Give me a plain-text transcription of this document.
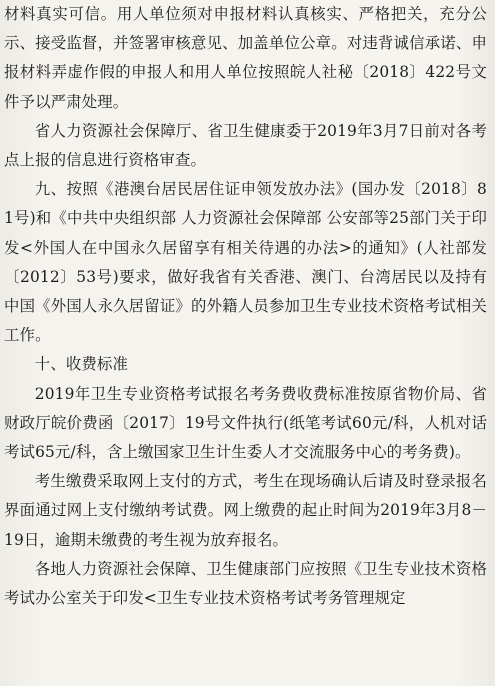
材料真实可信。用人单位须对申报材料认真核实、严格把关，充分公示、接受监督，并签署审核意见、加盖单位公章。对违背诚信承诺、申报材料弄虚作假的申报人和用人单位按照皖人社秘〔2018〕422号文件予以严肃处理。

省人力资源社会保障厅、省卫生健康委于2019年3月7日前对各考点上报的信息进行资格审查。

九、按照《港澳台居民居住证申领发放办法》(国办发〔2018〕81号)和《中共中央组织部 人力资源社会保障部 公安部等25部门关于印发<外国人在中国永久居留享有相关待遇的办法>的通知》(人社部发〔2012〕53号)要求，做好我省有关香港、澳门、台湾居民以及持有中国《外国人永久居留证》的外籍人员参加卫生专业技术资格考试相关工作。

十、收费标准

2019年卫生专业资格考试报名考务费收费标准按原省物价局、省财政厅皖价费函〔2017〕19号文件执行(纸笔考试60元/科，人机对话考试65元/科，含上缴国家卫生计生委人才交流服务中心的考务费)。

考生缴费采取网上支付的方式，考生在现场确认后请及时登录报名界面通过网上支付缴纳考试费。网上缴费的起止时间为2019年3月8－19日，逾期未缴费的考生视为放弃报名。

各地人力资源社会保障、卫生健康部门应按照《卫生专业技术资格考试办公室关于印发<卫生专业技术资格考试考务管理规定
